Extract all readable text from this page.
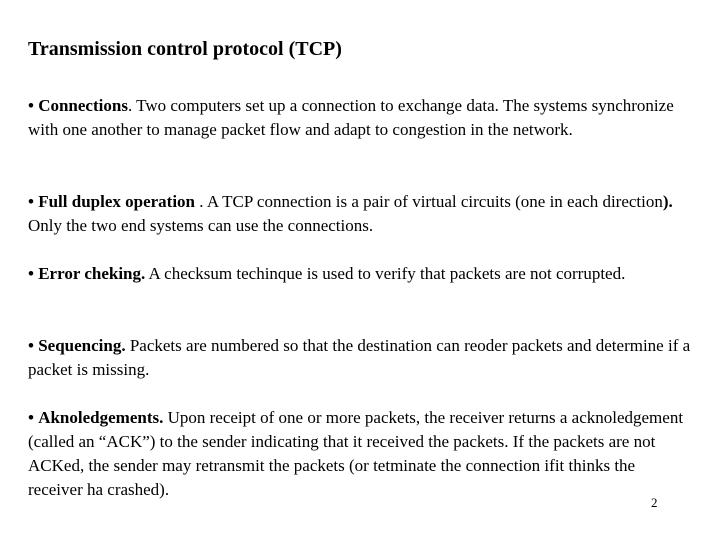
Transmission control protocol (TCP)
• Connections. Two computers set up a connection to exchange data. The systems synchronize with one another to manage packet flow and adapt to congestion in the network.
• Full duplex operation . A TCP connection is a pair of virtual circuits (one in each direction). Only the two end systems can use the connections.
• Error cheking. A checksum techinque is used to verify that packets are not corrupted.
• Sequencing. Packets are numbered so that the destination can reoder packets and determine if a packet is missing.
• Aknoledgements. Upon receipt of one or more packets, the receiver returns a acknoledgement (called an “ACK”) to the sender indicating that it received the packets. If the packets are not ACKed, the sender may retransmit the packets (or tetminate the connection ifit thinks the receiver ha crashed).
2
